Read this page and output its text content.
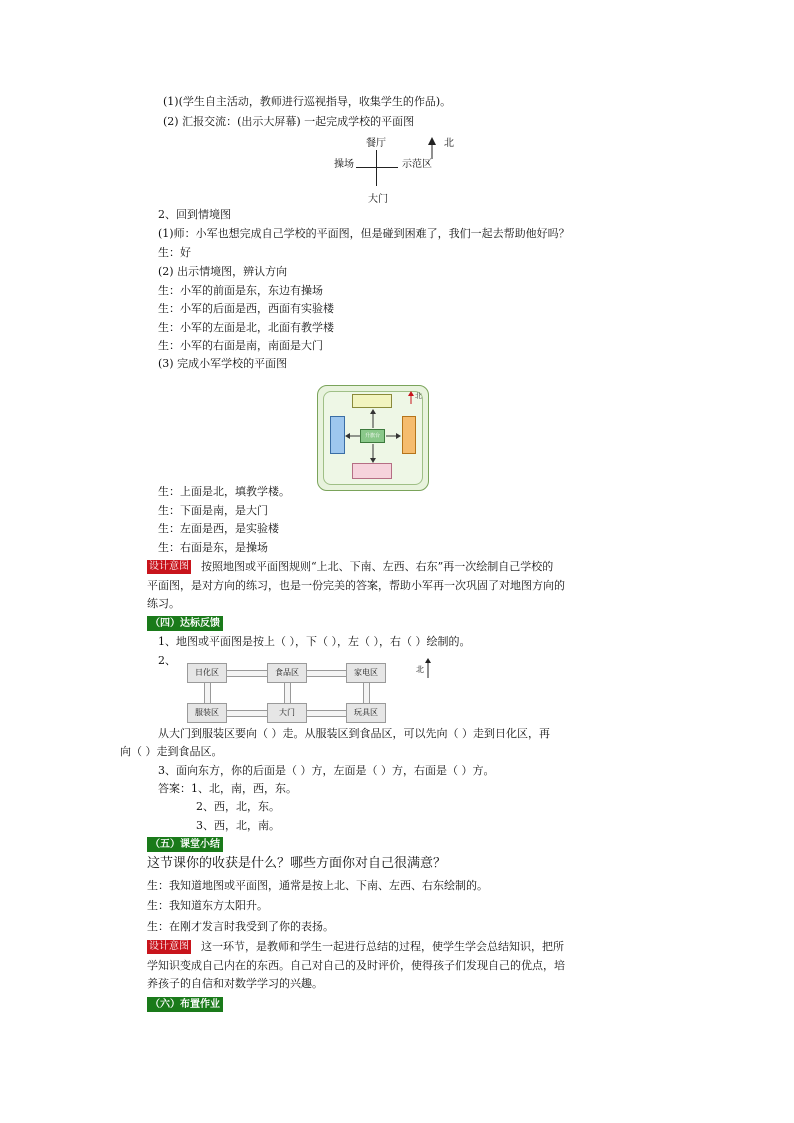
(1)(学生自主活动，教师进行巡视指导，收集学生的作品)。
(2) 汇报交流：(出示大屏幕) 一起完成学校的平面图
餐厅
操场	示范区
大门
北
2、回到情境图
(1)师：小军也想完成自己学校的平面图，但是碰到困难了，我们一起去帮助他好吗？
生：好
(2) 出示情境图，辨认方向
生：小军的前面是东，东边有操场
生：小军的后面是西，西面有实验楼
生：小军的左面是北，北面有教学楼
生：小军的右面是南，南面是大门
(3) 完成小军学校的平面图
升旗台
北
生：上面是北，填教学楼。
生：下面是南，是大门
生：左面是西，是实验楼
生：右面是东，是操场
设计意图 按照地图或平面图规则“上北、下南、左西、右东”再一次绘制自己学校的
平面图，是对方向的练习，也是一份完美的答案，帮助小军再一次巩固了对地图方向的
练习。
（四）达标反馈
1、地图或平面图是按上（ ），下（ ），左（ ），右（ ）绘制的。
2、
日化区	食品区	家电区
服装区	大门	玩具区
北
从大门到服装区要向（ ）走。从服装区到食品区，可以先向（ ）走到日化区，再
向（ ）走到食品区。
3、面向东方，你的后面是（ ）方，左面是（ ）方，右面是（ ）方。
答案：1、北，南，西，东。
2、西，北，东。
3、西，北，南。
（五）课堂小结
这节课你的收获是什么？哪些方面你对自己很满意？
生：我知道地图或平面图，通常是按上北、下南、左西、右东绘制的。
生：我知道东方太阳升。
生：在刚才发言时我受到了你的表扬。
设计意图 这一环节，是教师和学生一起进行总结的过程，使学生学会总结知识，把所
学知识变成自己内在的东西。自己对自己的及时评价，使得孩子们发现自己的优点，培
养孩子的自信和对数学学习的兴趣。
（六）布置作业
